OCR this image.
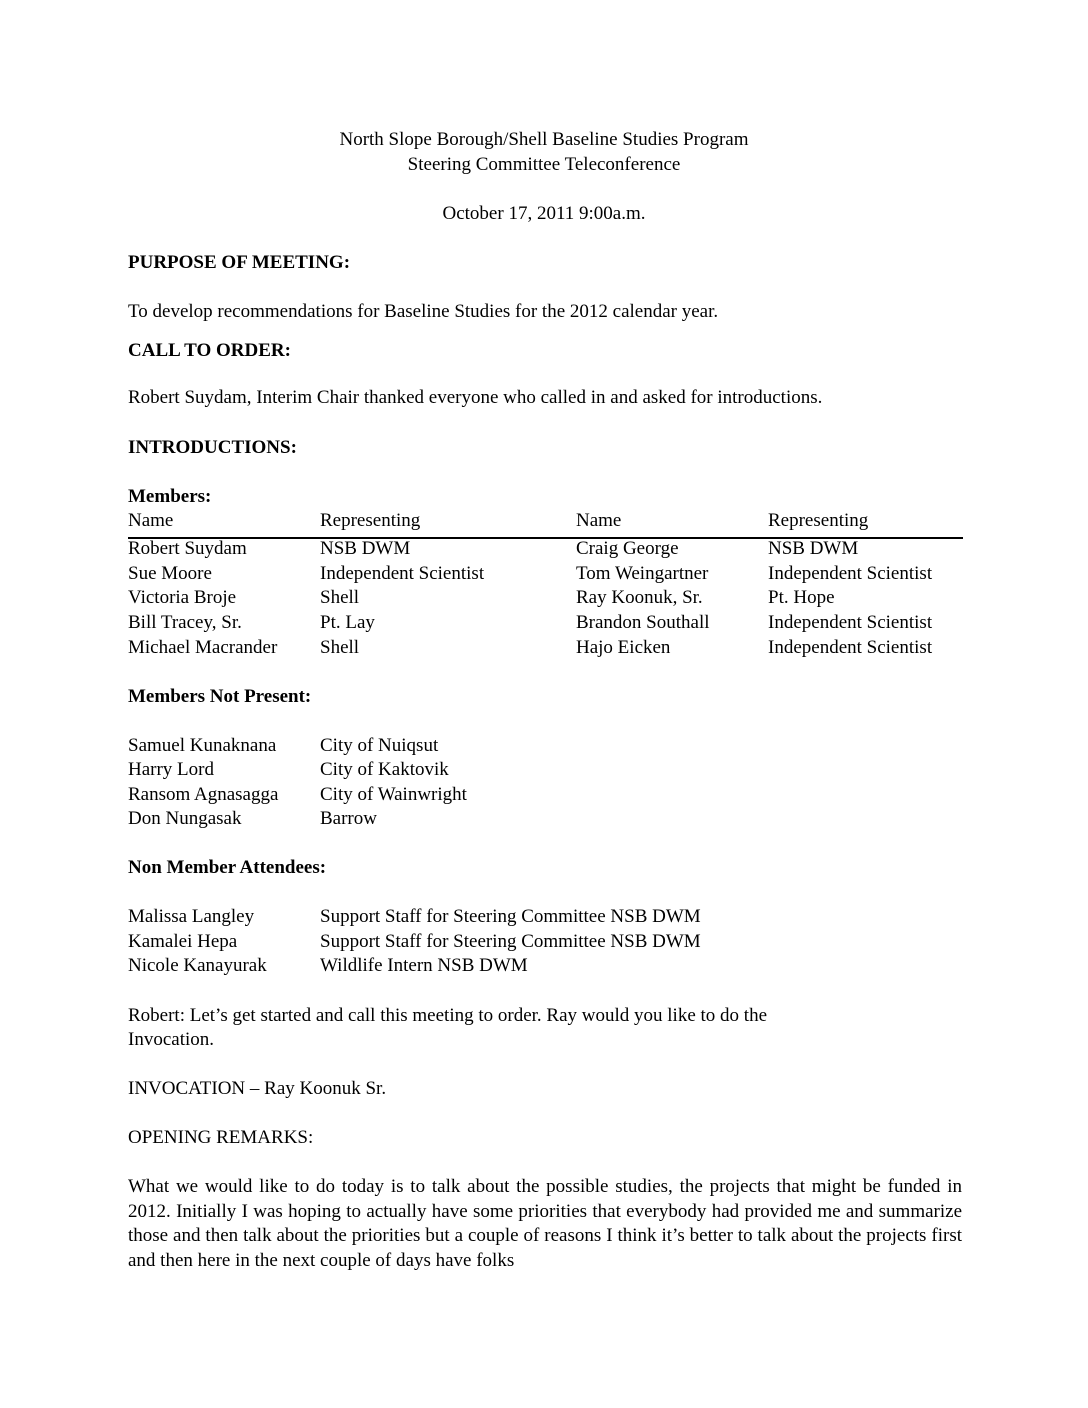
North Slope Borough/Shell Baseline Studies Program
Steering Committee Teleconference
October 17, 2011 9:00a.m.
PURPOSE OF MEETING:
To develop recommendations for Baseline Studies for the 2012 calendar year.
CALL TO ORDER:
Robert Suydam, Interim Chair thanked everyone who called in and asked for introductions.
INTRODUCTIONS:
Members:
Name	Representing	Name	Representing
Robert Suydam	NSB DWM	Craig George	NSB DWM
Sue Moore	Independent Scientist	Tom Weingartner	Independent Scientist
Victoria Broje	Shell	Ray Koonuk, Sr.	Pt. Hope
Bill Tracey, Sr.	Pt. Lay	Brandon Southall	Independent Scientist
Michael Macrander Shell	Hajo Eicken	Independent Scientist
Members Not Present:
Samuel Kunaknana City of Nuiqsut
Harry Lord	City of Kaktovik
Ransom Agnasagga City of Wainwright
Don Nungasak	Barrow
Non Member Attendees:
Malissa Langley	Support Staff for Steering Committee NSB DWM
Kamalei Hepa	Support Staff for Steering Committee NSB DWM
Nicole Kanayurak	Wildlife Intern NSB DWM
Robert: Let’s get started and call this meeting to order. Ray would you like to do the
Invocation.
INVOCATION – Ray Koonuk Sr.
OPENING REMARKS:
What we would like to do today is to talk about the possible studies, the projects that might be funded in 2012. Initially I was hoping to actually have some priorities that everybody had provided me and summarize those and then talk about the priorities but a couple of reasons I think it’s better to talk about the projects first and then here in the next couple of days have folks
